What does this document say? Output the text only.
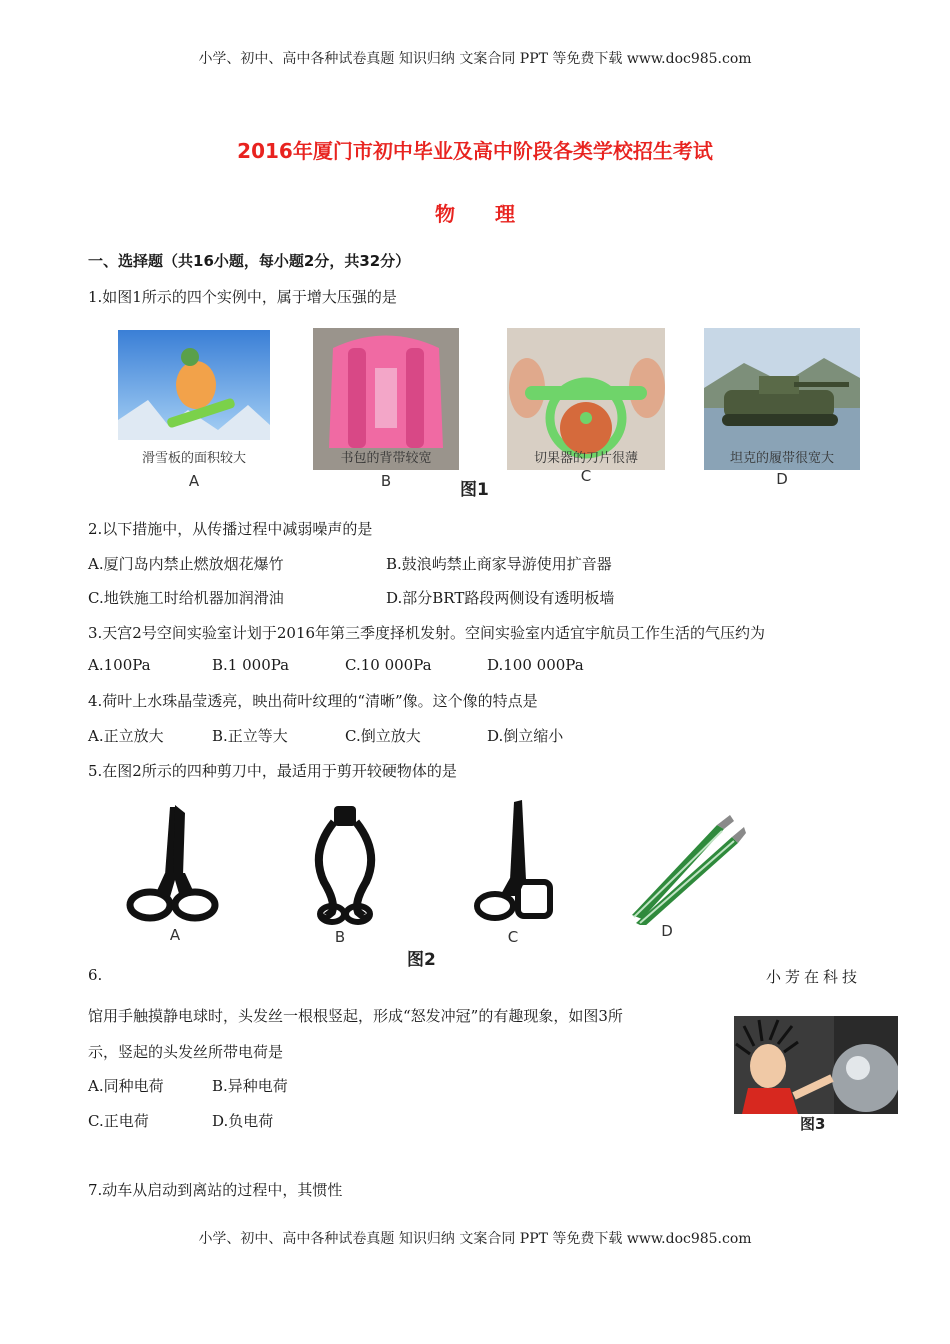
小学、初中、高中各种试卷真题 知识归纳 文案合同 PPT 等免费下载 www.doc985.com
2016年厦门市初中毕业及高中阶段各类学校招生考试
物　　理
一、选择题（共16小题，每小题2分，共32分）
1.如图1所示的四个实例中，属于增大压强的是
滑雪板的面积较大
A
书包的背带较宽
B
切果器的刀片很薄
C
坦克的履带很宽大
D
图1
2.以下措施中，从传播过程中减弱噪声的是
A.厦门岛内禁止燃放烟花爆竹	B.鼓浪屿禁止商家导游使用扩音器
C.地铁施工时给机器加润滑油	D.部分BRT路段两侧设有透明板墙
3.天宫2号空间实验室计划于2016年第三季度择机发射。空间实验室内适宜宇航员工作生活的气压约为
A.100Pa	B.1 000Pa	C.10 000Pa	D.100 000Pa
4.荷叶上水珠晶莹透亮，映出荷叶纹理的“清晰”像。这个像的特点是
A.正立放大	B.正立等大	C.倒立放大	D.倒立缩小
5.在图2所示的四种剪刀中，最适用于剪开较硬物体的是
A	B	C	D
图2
6.	小芳在科技
馆用手触摸静电球时，头发丝一根根竖起，形成“怒发冲冠”的有趣现象，如图3所
示，竖起的头发丝所带电荷是
A.同种电荷	B.异种电荷
C.正电荷	D.负电荷	图3
7.动车从启动到离站的过程中，其惯性
小学、初中、高中各种试卷真题 知识归纳 文案合同 PPT 等免费下载 www.doc985.com
